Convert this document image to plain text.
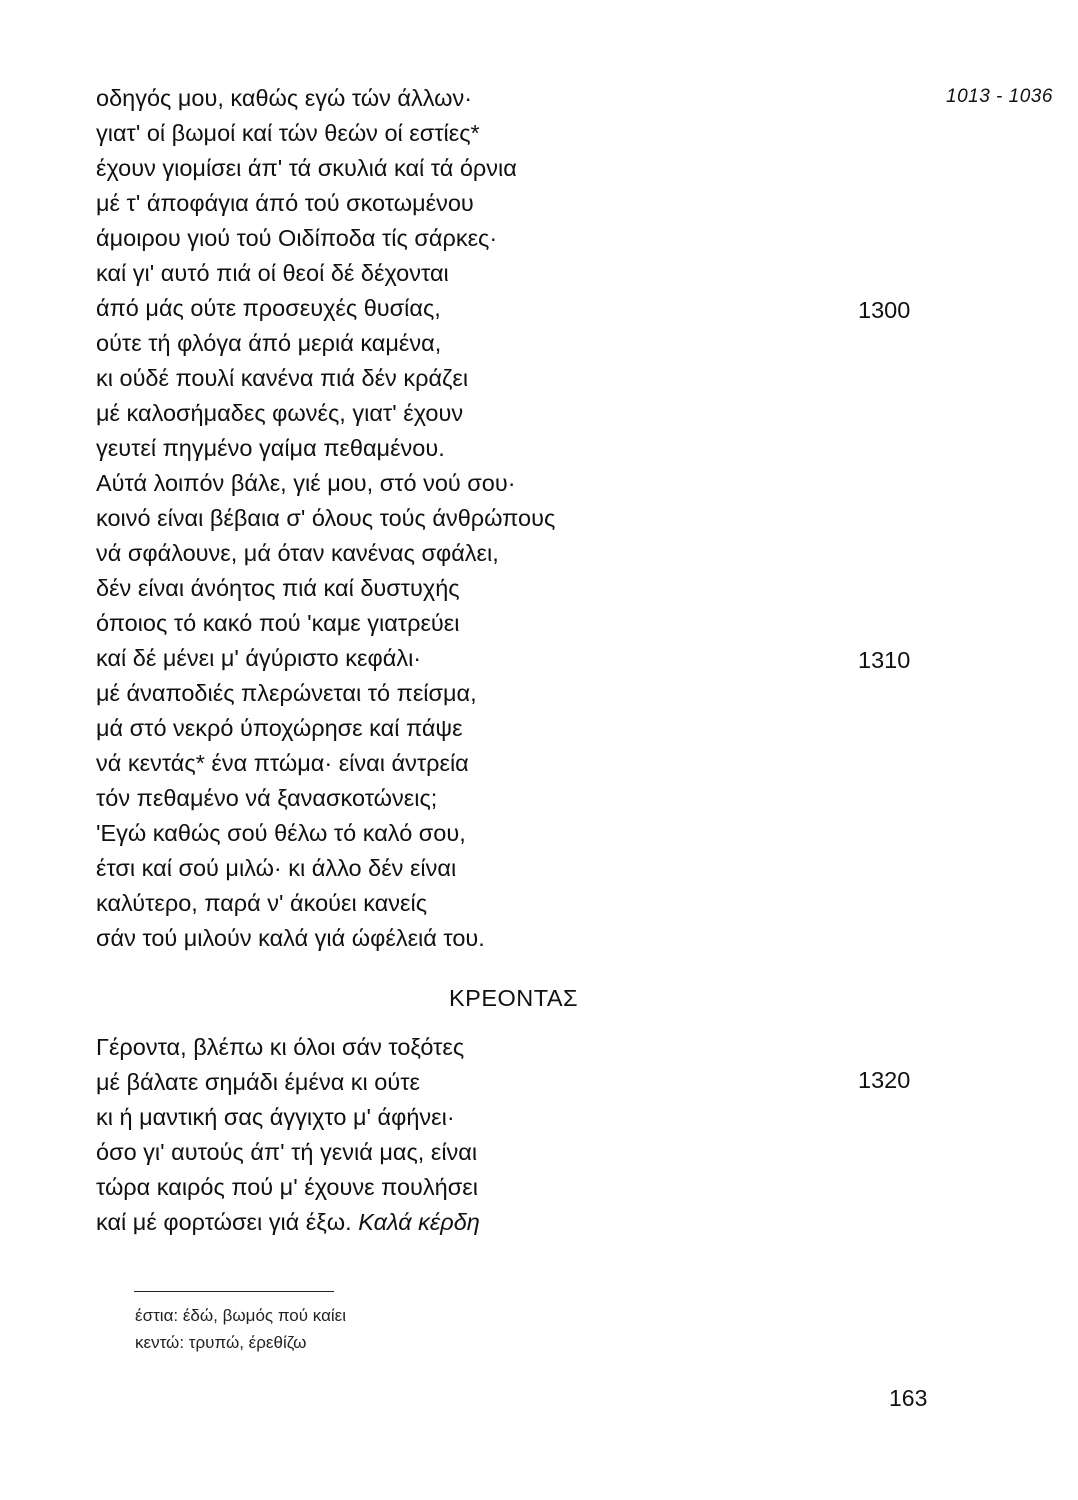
1013 - 1036
οδηγός μου, καθώς εγώ τών άλλων·
γιατ' οί βωμοί καί τών θεών οί εστίες*
έχουν γιομίσει άπ' τά σκυλιά καί τά όρνια
μέ τ' άποφάγια άπό τού σκοτωμένου
άμοιρου γιού τού Οιδίποδα τίς σάρκες·
καί γι' αυτό πιά οί θεοί δέ δέχονται
άπό μάς ούτε προσευχές θυσίας,
ούτε τή φλόγα άπό μεριά καμένα,
κι ούδέ πουλί κανένα πιά δέν κράζει
μέ καλοσήμαδες φωνές, γιατ' έχουν
γευτεί πηγμένο γαίμα πεθαμένου.
Αύτά λοιπόν βάλε, γιέ μου, στό νού σου·
κοινό είναι βέβαια σ' όλους τούς άνθρώπους
νά σφάλουνε, μά όταν κανένας σφάλει,
δέν είναι άνόητος πιά καί δυστυχής
όποιος τό κακό πού 'καμε γιατρεύει
καί δέ μένει μ' άγύριστο κεφάλι·
μέ άναποδιές πλερώνεται τό πείσμα,
μά στό νεκρό ύποχώρησε καί πάψε
νά κεντάς* ένα πτώμα· είναι άντρεία
τόν πεθαμένο νά ξανασκοτώνεις;
'Εγώ καθώς σού θέλω τό καλό σου,
έτσι καί σού μιλώ· κι άλλο δέν είναι
καλύτερο, παρά ν' άκούει κανείς
σάν τού μιλούν καλά γιά ώφέλειά του.
1300
1310
1320
ΚΡΕΟΝΤΑΣ
Γέροντα, βλέπω κι όλοι σάν τοξότες
μέ βάλατε σημάδι έμένα κι ούτε
κι ή μαντική σας άγγιχτο μ' άφήνει·
όσο γι' αυτούς άπ' τή γενιά μας, είναι
τώρα καιρός πού μ' έχουνε πουλήσει
καί μέ φορτώσει γιά έξω. Καλά κέρδη
έστια: έδώ, βωμός πού καίει
κεντώ: τρυπώ, έρεθίζω
163
